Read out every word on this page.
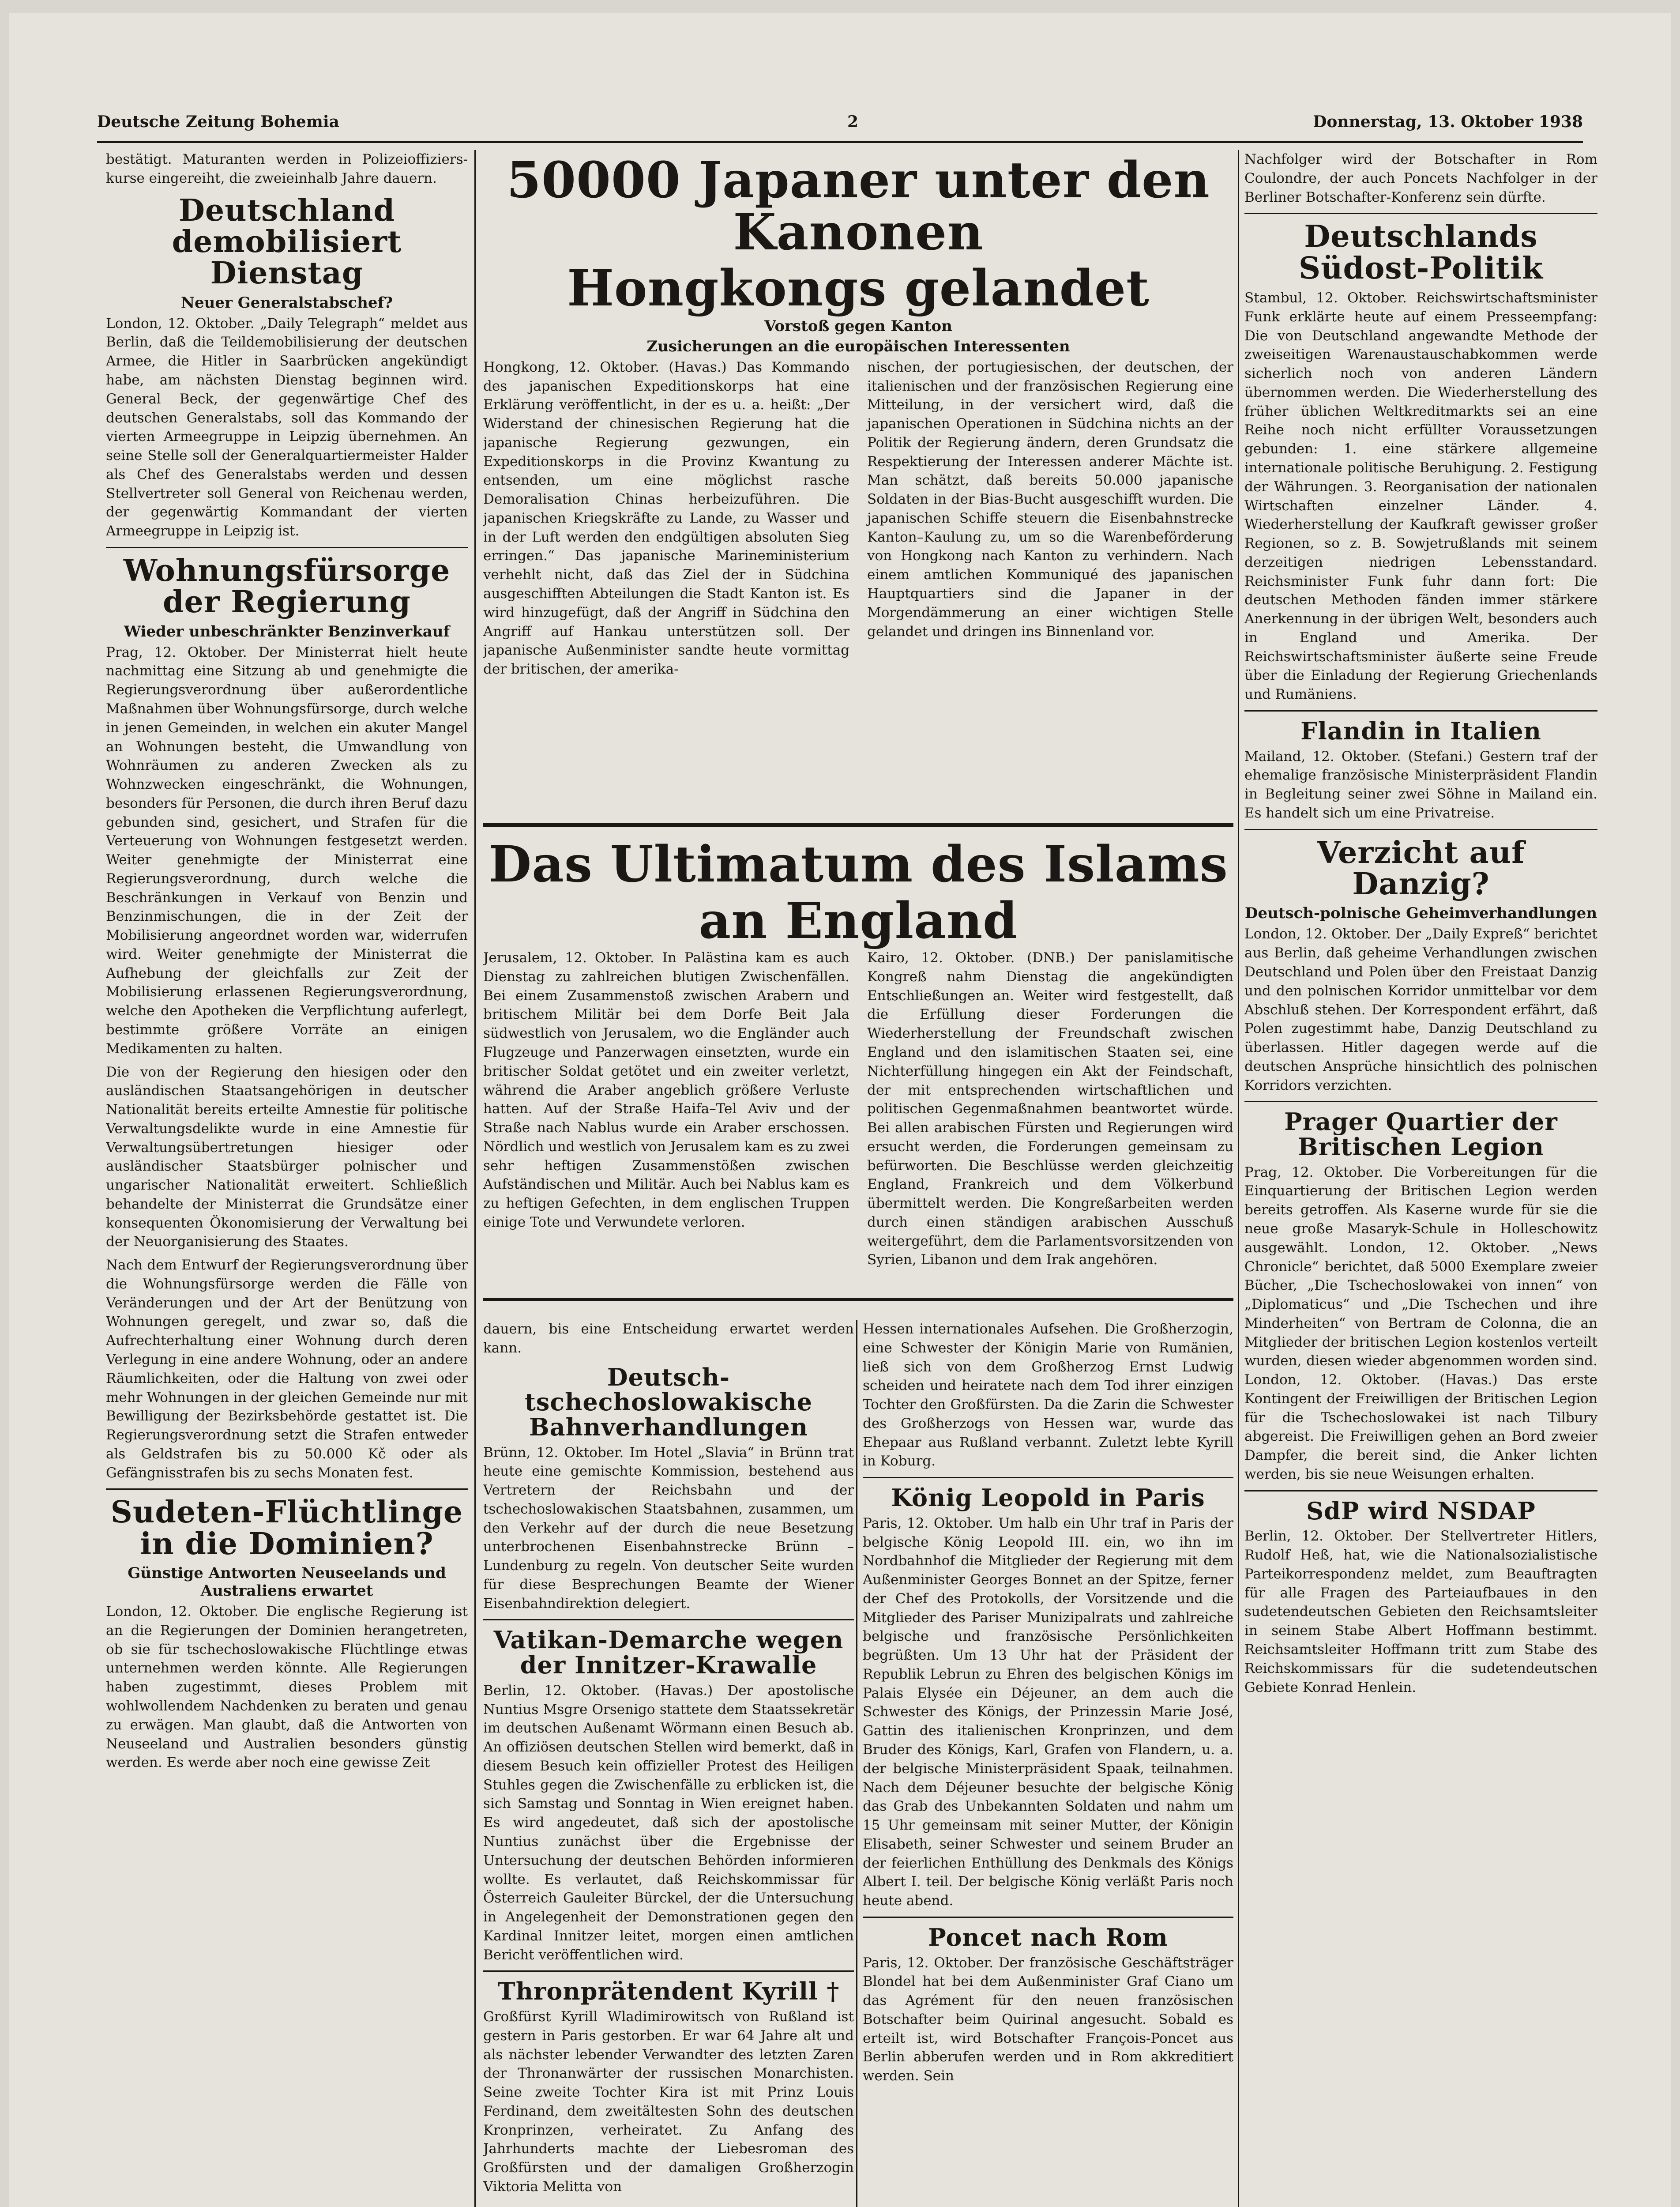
Deutsche Zeitung Bohemia	2	Donnerstag, 13. Oktober 1938

bestätigt. Maturanten werden in Polizeioffiziers-kurse eingereiht, die zweieinhalb Jahre dauern.

Deutschland demobilisiert Dienstag
Neuer Generalstabschef?

London, 12. Oktober. „Daily Telegraph“ meldet aus Berlin, daß die Teildemobilisierung der deutschen Armee, die Hitler in Saarbrücken angekündigt habe, am nächsten Dienstag beginnen wird. General Beck, der gegenwärtige Chef des deutschen Generalstabs, soll das Kommando der vierten Armeegruppe in Leipzig übernehmen. An seine Stelle soll der Generalquartiermeister Halder als Chef des Generalstabs werden und dessen Stellvertreter soll General von Reichenau werden, der gegenwärtig Kommandant der vierten Armeegruppe in Leipzig ist.

Wohnungsfürsorge der Regierung
Wieder unbeschränkter Benzinverkauf

Prag, 12. Oktober. Der Ministerrat hielt heute nachmittag eine Sitzung ab und genehmigte die Regierungsverordnung über außerordentliche Maßnahmen über Wohnungsfürsorge, durch welche in jenen Gemeinden, in welchen ein akuter Mangel an Wohnungen besteht, die Umwandlung von Wohnräumen zu anderen Zwecken als zu Wohnzwecken eingeschränkt, die Wohnungen, besonders für Personen, die durch ihren Beruf dazu gebunden sind, gesichert, und Strafen für die Verteuerung von Wohnungen festgesetzt werden. Weiter genehmigte der Ministerrat eine Regierungsverordnung, durch welche die Beschränkungen in Verkauf von Benzin und Benzinmischungen, die in der Zeit der Mobilisierung angeordnet worden war, widerrufen wird. Weiter genehmigte der Ministerrat die Aufhebung der gleichfalls zur Zeit der Mobilisierung erlassenen Regierungsverordnung, welche den Apotheken die Verpflichtung auferlegt, bestimmte größere Vorräte an einigen Medikamenten zu halten.

Die von der Regierung den hiesigen oder den ausländischen Staatsangehörigen in deutscher Nationalität bereits erteilte Amnestie für politische Verwaltungsdelikte wurde in eine Amnestie für Verwaltungsübertretungen hiesiger oder ausländischer Staatsbürger polnischer und ungarischer Nationalität erweitert. Schließlich behandelte der Ministerrat die Grundsätze einer konsequenten Ökonomisierung der Verwaltung bei der Neuorganisierung des Staates.

Nach dem Entwurf der Regierungsverordnung über die Wohnungsfürsorge werden die Fälle von Veränderungen und der Art der Benützung von Wohnungen geregelt, und zwar so, daß die Aufrechterhaltung einer Wohnung durch deren Verlegung in eine andere Wohnung, oder an andere Räumlichkeiten, oder die Haltung von zwei oder mehr Wohnungen in der gleichen Gemeinde nur mit Bewilligung der Bezirksbehörde gestattet ist. Die Regierungsverordnung setzt die Strafen entweder als Geldstrafen bis zu 50.000 Kč oder als Gefängnisstrafen bis zu sechs Monaten fest.

Sudeten-Flüchtlinge in die Dominien?
Günstige Antworten Neuseelands und Australiens erwartet

London, 12. Oktober. Die englische Regierung ist an die Regierungen der Dominien herangetreten, ob sie für tschechoslowakische Flüchtlinge etwas unternehmen werden könnte. Alle Regierungen haben zugestimmt, dieses Problem mit wohlwollendem Nachdenken zu beraten und genau zu erwägen. Man glaubt, daß die Antworten von Neuseeland und Australien besonders günstig werden. Es werde aber noch eine gewisse Zeit

50000 Japaner unter den Kanonen
Hongkongs gelandet
Vorstoß gegen Kanton
Zusicherungen an die europäischen Interessenten

Hongkong, 12. Oktober. (Havas.) Das Kommando des japanischen Expeditionskorps hat eine Erklärung veröffentlicht, in der es u. a. heißt: „Der Widerstand der chinesischen Regierung hat die japanische Regierung gezwungen, ein Expeditionskorps in die Provinz Kwantung zu entsenden, um eine möglichst rasche Demoralisation Chinas herbeizuführen. Die japanischen Kriegskräfte zu Lande, zu Wasser und in der Luft werden den endgültigen absoluten Sieg erringen.“ Das japanische Marineministerium verhehlt nicht, daß das Ziel der in Südchina ausgeschifften Abteilungen die Stadt Kanton ist. Es wird hinzugefügt, daß der Angriff in Südchina den Angriff auf Hankau unterstützen soll. Der japanische Außenminister sandte heute vormittag der britischen, der amerika-

nischen, der portugiesischen, der deutschen, der italienischen und der französischen Regierung eine Mitteilung, in der versichert wird, daß die japanischen Operationen in Südchina nichts an der Politik der Regierung ändern, deren Grundsatz die Respektierung der Interessen anderer Mächte ist. Man schätzt, daß bereits 50.000 japanische Soldaten in der Bias-Bucht ausgeschifft wurden. Die japanischen Schiffe steuern die Eisenbahnstrecke Kanton–Kaulung zu, um so die Warenbeförderung von Hongkong nach Kanton zu verhindern. Nach einem amtlichen Kommuniqué des japanischen Hauptquartiers sind die Japaner in der Morgendämmerung an einer wichtigen Stelle gelandet und dringen ins Binnenland vor.

Das Ultimatum des Islams
an England

Jerusalem, 12. Oktober. In Palästina kam es auch Dienstag zu zahlreichen blutigen Zwischenfällen. Bei einem Zusammenstoß zwischen Arabern und britischem Militär bei dem Dorfe Beit Jala südwestlich von Jerusalem, wo die Engländer auch Flugzeuge und Panzerwagen einsetzten, wurde ein britischer Soldat getötet und ein zweiter verletzt, während die Araber angeblich größere Verluste hatten. Auf der Straße Haifa–Tel Aviv und der Straße nach Nablus wurde ein Araber erschossen. Nördlich und westlich von Jerusalem kam es zu zwei sehr heftigen Zusammenstößen zwischen Aufständischen und Militär. Auch bei Nablus kam es zu heftigen Gefechten, in dem englischen Truppen einige Tote und Verwundete verloren.

Kairo, 12. Oktober. (DNB.) Der panislamitische Kongreß nahm Dienstag die angekündigten Entschließungen an. Weiter wird festgestellt, daß die Erfüllung dieser Forderungen die Wiederherstellung der Freundschaft zwischen England und den islamitischen Staaten sei, eine Nichterfüllung hingegen ein Akt der Feindschaft, der mit entsprechenden wirtschaftlichen und politischen Gegenmaßnahmen beantwortet würde. Bei allen arabischen Fürsten und Regierungen wird ersucht werden, die Forderungen gemeinsam zu befürworten. Die Beschlüsse werden gleichzeitig England, Frankreich und dem Völkerbund übermittelt werden. Die Kongreßarbeiten werden durch einen ständigen arabischen Ausschuß weitergeführt, dem die Parlamentsvorsitzenden von Syrien, Libanon und dem Irak angehören.

dauern, bis eine Entscheidung erwartet werden kann.

Deutsch-tschechoslowakische Bahnverhandlungen

Brünn, 12. Oktober. Im Hotel „Slavia“ in Brünn trat heute eine gemischte Kommission, bestehend aus Vertretern der Reichsbahn und der tschechoslowakischen Staatsbahnen, zusammen, um den Verkehr auf der durch die neue Besetzung unterbrochenen Eisenbahnstrecke Brünn – Lundenburg zu regeln. Von deutscher Seite wurden für diese Besprechungen Beamte der Wiener Eisenbahndirektion delegiert.

Vatikan-Demarche wegen der Innitzer-Krawalle

Berlin, 12. Oktober. (Havas.) Der apostolische Nuntius Msgre Orsenigo stattete dem Staatssekretär im deutschen Außenamt Wörmann einen Besuch ab. An offiziösen deutschen Stellen wird bemerkt, daß in diesem Besuch kein offizieller Protest des Heiligen Stuhles gegen die Zwischenfälle zu erblicken ist, die sich Samstag und Sonntag in Wien ereignet haben. Es wird angedeutet, daß sich der apostolische Nuntius zunächst über die Ergebnisse der Untersuchung der deutschen Behörden informieren wollte. Es verlautet, daß Reichskommissar für Österreich Gauleiter Bürckel, der die Untersuchung in Angelegenheit der Demonstrationen gegen den Kardinal Innitzer leitet, morgen einen amtlichen Bericht veröffentlichen wird.

Thronprätendent Kyrill †

Großfürst Kyrill Wladimirowitsch von Rußland ist gestern in Paris gestorben. Er war 64 Jahre alt und als nächster lebender Verwandter des letzten Zaren der Thronanwärter der russischen Monarchisten. Seine zweite Tochter Kira ist mit Prinz Louis Ferdinand, dem zweitältesten Sohn des deutschen Kronprinzen, verheiratet. Zu Anfang des Jahrhunderts machte der Liebesroman des Großfürsten und der damaligen Großherzogin Viktoria Melitta von

Hessen internationales Aufsehen. Die Großherzogin, eine Schwester der Königin Marie von Rumänien, ließ sich von dem Großherzog Ernst Ludwig scheiden und heiratete nach dem Tod ihrer einzigen Tochter den Großfürsten. Da die Zarin die Schwester des Großherzogs von Hessen war, wurde das Ehepaar aus Rußland verbannt. Zuletzt lebte Kyrill in Koburg.

König Leopold in Paris

Paris, 12. Oktober. Um halb ein Uhr traf in Paris der belgische König Leopold III. ein, wo ihn im Nordbahnhof die Mitglieder der Regierung mit dem Außenminister Georges Bonnet an der Spitze, ferner der Chef des Protokolls, der Vorsitzende und die Mitglieder des Pariser Munizipalrats und zahlreiche belgische und französische Persönlichkeiten begrüßten. Um 13 Uhr hat der Präsident der Republik Lebrun zu Ehren des belgischen Königs im Palais Elysée ein Déjeuner, an dem auch die Schwester des Königs, der Prinzessin Marie José, Gattin des italienischen Kronprinzen, und dem Bruder des Königs, Karl, Grafen von Flandern, u. a. der belgische Ministerpräsident Spaak, teilnahmen. Nach dem Déjeuner besuchte der belgische König das Grab des Unbekannten Soldaten und nahm um 15 Uhr gemeinsam mit seiner Mutter, der Königin Elisabeth, seiner Schwester und seinem Bruder an der feierlichen Enthüllung des Denkmals des Königs Albert I. teil. Der belgische König verläßt Paris noch heute abend.

Poncet nach Rom

Paris, 12. Oktober. Der französische Geschäftsträger Blondel hat bei dem Außenminister Graf Ciano um das Agrément für den neuen französischen Botschafter beim Quirinal angesucht. Sobald es erteilt ist, wird Botschafter François-Poncet aus Berlin abberufen werden und in Rom akkreditiert werden. Sein

Nachfolger wird der Botschafter in Rom Coulondre, der auch Poncets Nachfolger in der Berliner Botschafter-Konferenz sein dürfte.

Deutschlands Südost-Politik

Stambul, 12. Oktober. Reichswirtschaftsminister Funk erklärte heute auf einem Presseempfang: Die von Deutschland angewandte Methode der zweiseitigen Warenaustauschabkommen werde sicherlich noch von anderen Ländern übernommen werden. Die Wiederherstellung des früher üblichen Weltkreditmarkts sei an eine Reihe noch nicht erfüllter Voraussetzungen gebunden: 1. eine stärkere allgemeine internationale politische Beruhigung. 2. Festigung der Währungen. 3. Reorganisation der nationalen Wirtschaften einzelner Länder. 4. Wiederherstellung der Kaufkraft gewisser großer Regionen, so z. B. Sowjetrußlands mit seinem derzeitigen niedrigen Lebensstandard. Reichsminister Funk fuhr dann fort: Die deutschen Methoden fänden immer stärkere Anerkennung in der übrigen Welt, besonders auch in England und Amerika. Der Reichswirtschaftsminister äußerte seine Freude über die Einladung der Regierung Griechenlands und Rumäniens.

Flandin in Italien

Mailand, 12. Oktober. (Stefani.) Gestern traf der ehemalige französische Ministerpräsident Flandin in Begleitung seiner zwei Söhne in Mailand ein. Es handelt sich um eine Privatreise.

Verzicht auf Danzig?
Deutsch-polnische Geheimverhandlungen

London, 12. Oktober. Der „Daily Expreß“ berichtet aus Berlin, daß geheime Verhandlungen zwischen Deutschland und Polen über den Freistaat Danzig und den polnischen Korridor unmittelbar vor dem Abschluß stehen. Der Korrespondent erfährt, daß Polen zugestimmt habe, Danzig Deutschland zu überlassen. Hitler dagegen werde auf die deutschen Ansprüche hinsichtlich des polnischen Korridors verzichten.

Prager Quartier der Britischen Legion

Prag, 12. Oktober. Die Vorbereitungen für die Einquartierung der Britischen Legion werden bereits getroffen. Als Kaserne wurde für sie die neue große Masaryk-Schule in Holleschowitz ausgewählt. London, 12. Oktober. „News Chronicle“ berichtet, daß 5000 Exemplare zweier Bücher, „Die Tschechoslowakei von innen“ von „Diplomaticus“ und „Die Tschechen und ihre Minderheiten“ von Bertram de Colonna, die an Mitglieder der britischen Legion kostenlos verteilt wurden, diesen wieder abgenommen worden sind. London, 12. Oktober. (Havas.) Das erste Kontingent der Freiwilligen der Britischen Legion für die Tschechoslowakei ist nach Tilbury abgereist. Die Freiwilligen gehen an Bord zweier Dampfer, die bereit sind, die Anker lichten werden, bis sie neue Weisungen erhalten.

SdP wird NSDAP

Berlin, 12. Oktober. Der Stellvertreter Hitlers, Rudolf Heß, hat, wie die Nationalsozialistische Parteikorrespondenz meldet, zum Beauftragten für alle Fragen des Parteiaufbaues in den sudetendeutschen Gebieten den Reichsamtsleiter in seinem Stabe Albert Hoffmann bestimmt. Reichsamtsleiter Hoffmann tritt zum Stabe des Reichskommissars für die sudetendeutschen Gebiete Konrad Henlein.
